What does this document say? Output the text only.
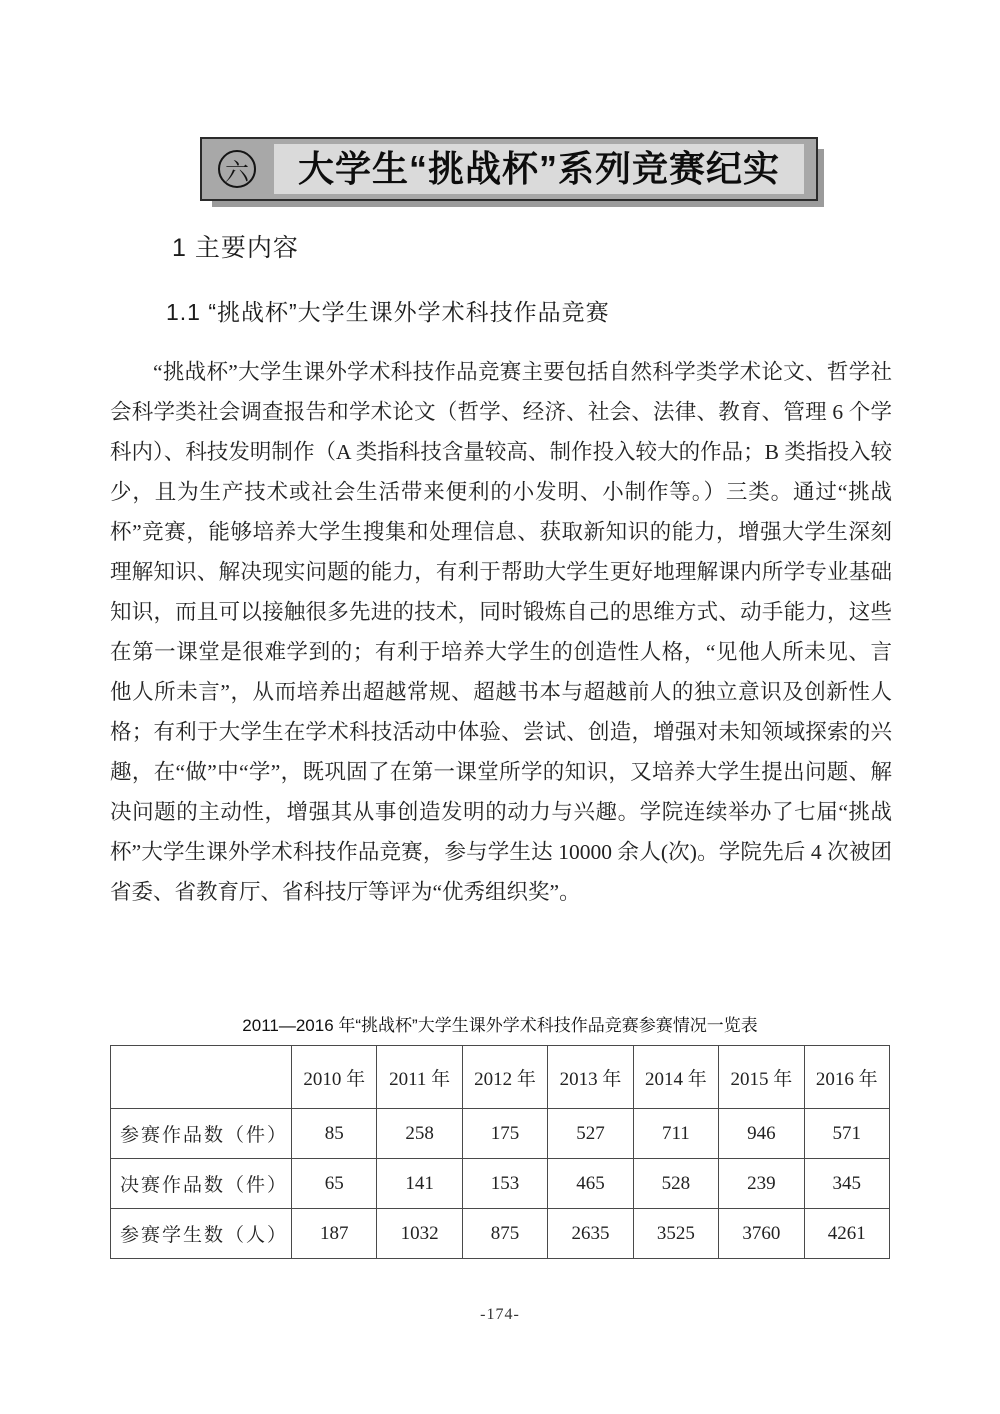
六	大学生“挑战杯”系列竞赛纪实
1 主要内容
1.1 “挑战杯”大学生课外学术科技作品竞赛
“挑战杯”大学生课外学术科技作品竞赛主要包括自然科学类学术论文、哲学社会科学类社会调查报告和学术论文（哲学、经济、社会、法律、教育、管理 6 个学科内）、科技发明制作（A 类指科技含量较高、制作投入较大的作品；B 类指投入较少，且为生产技术或社会生活带来便利的小发明、小制作等。）三类。通过“挑战杯”竞赛，能够培养大学生搜集和处理信息、获取新知识的能力，增强大学生深刻理解知识、解决现实问题的能力，有利于帮助大学生更好地理解课内所学专业基础知识，而且可以接触很多先进的技术，同时锻炼自己的思维方式、动手能力，这些在第一课堂是很难学到的；有利于培养大学生的创造性人格，“见他人所未见、言他人所未言”，从而培养出超越常规、超越书本与超越前人的独立意识及创新性人格；有利于大学生在学术科技活动中体验、尝试、创造，增强对未知领域探索的兴趣，在“做”中“学”，既巩固了在第一课堂所学的知识，又培养大学生提出问题、解决问题的主动性，增强其从事创造发明的动力与兴趣。学院连续举办了七届“挑战杯”大学生课外学术科技作品竞赛，参与学生达 10000 余人(次)。学院先后 4 次被团省委、省教育厅、省科技厅等评为“优秀组织奖”。
2011—2016 年“挑战杯”大学生课外学术科技作品竞赛参赛情况一览表
	2010 年	2011 年	2012 年	2013 年	2014 年	2015 年	2016 年
参赛作品数（件）	85	258	175	527	711	946	571
决赛作品数（件）	65	141	153	465	528	239	345
参赛学生数（人）	187	1032	875	2635	3525	3760	4261
-174-
